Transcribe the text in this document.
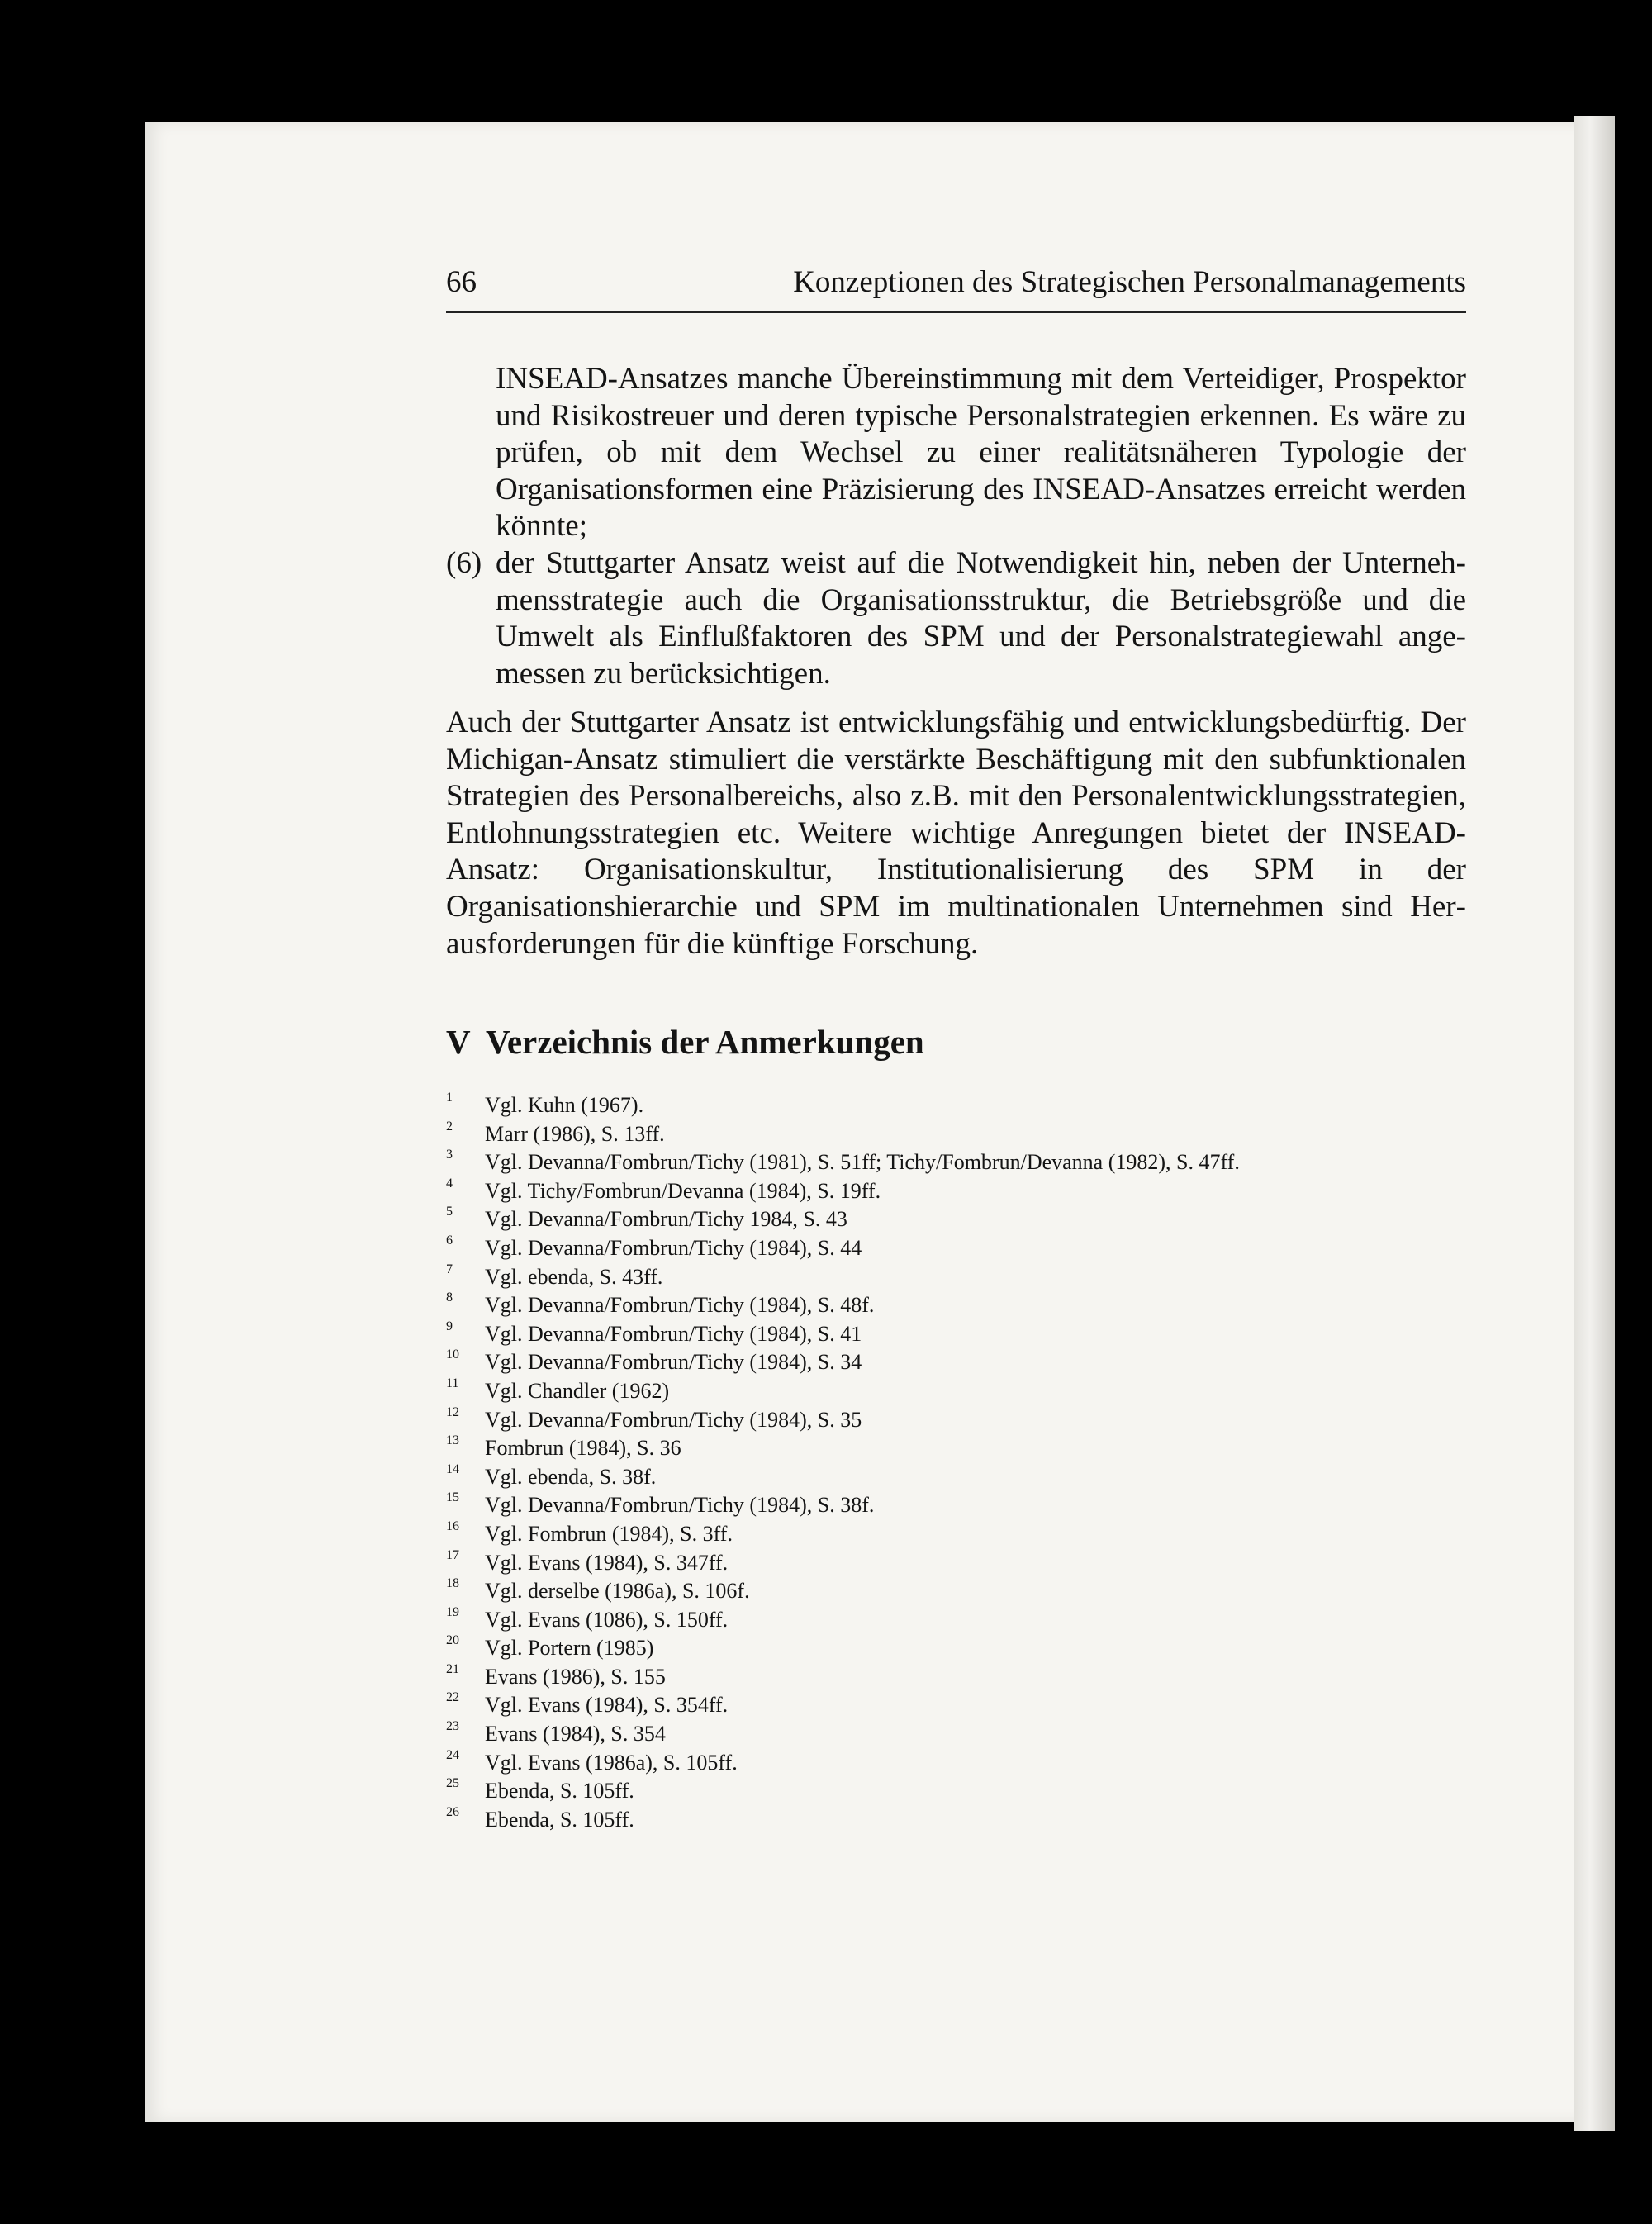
66	Konzeptionen des Strategischen Personalmanagements

INSEAD-Ansatzes manche Übereinstimmung mit dem Verteidiger, Prospektor und Risikostreuer und deren typische Personalstrategien erkennen. Es wäre zu prüfen, ob mit dem Wechsel zu einer realitätsnäheren Typologie der Organisationsformen eine Präzisierung des INSEAD-Ansatzes erreicht werden könnte;

(6) der Stuttgarter Ansatz weist auf die Notwendigkeit hin, neben der Unternehmensstrategie auch die Organisationsstruktur, die Betriebsgröße und die Umwelt als Einflußfaktoren des SPM und der Personalstrategiewahl angemessen zu berücksichtigen.

Auch der Stuttgarter Ansatz ist entwicklungsfähig und entwicklungsbedürftig. Der Michigan-Ansatz stimuliert die verstärkte Beschäftigung mit den subfunktionalen Strategien des Personalbereichs, also z.B. mit den Personalentwicklungsstrategien, Entlohnungsstrategien etc. Weitere wichtige Anregungen bietet der INSEAD-Ansatz: Organisationskultur, Institutionalisierung des SPM in der Organisationshierarchie und SPM im multinationalen Unternehmen sind Herausforderungen für die künftige Forschung.

V Verzeichnis der Anmerkungen
1 Vgl. Kuhn (1967).
2 Marr (1986), S. 13ff.
3 Vgl. Devanna/Fombrun/Tichy (1981), S. 51ff; Tichy/Fombrun/Devanna (1982), S. 47ff.
4 Vgl. Tichy/Fombrun/Devanna (1984), S. 19ff.
5 Vgl. Devanna/Fombrun/Tichy 1984, S. 43
6 Vgl. Devanna/Fombrun/Tichy (1984), S. 44
7 Vgl. ebenda, S. 43ff.
8 Vgl. Devanna/Fombrun/Tichy (1984), S. 48f.
9 Vgl. Devanna/Fombrun/Tichy (1984), S. 41
10 Vgl. Devanna/Fombrun/Tichy (1984), S. 34
11 Vgl. Chandler (1962)
12 Vgl. Devanna/Fombrun/Tichy (1984), S. 35
13 Fombrun (1984), S. 36
14 Vgl. ebenda, S. 38f.
15 Vgl. Devanna/Fombrun/Tichy (1984), S. 38f.
16 Vgl. Fombrun (1984), S. 3ff.
17 Vgl. Evans (1984), S. 347ff.
18 Vgl. derselbe (1986a), S. 106f.
19 Vgl. Evans (1086), S. 150ff.
20 Vgl. Portern (1985)
21 Evans (1986), S. 155
22 Vgl. Evans (1984), S. 354ff.
23 Evans (1984), S. 354
24 Vgl. Evans (1986a), S. 105ff.
25 Ebenda, S. 105ff.
26 Ebenda, S. 105ff.
